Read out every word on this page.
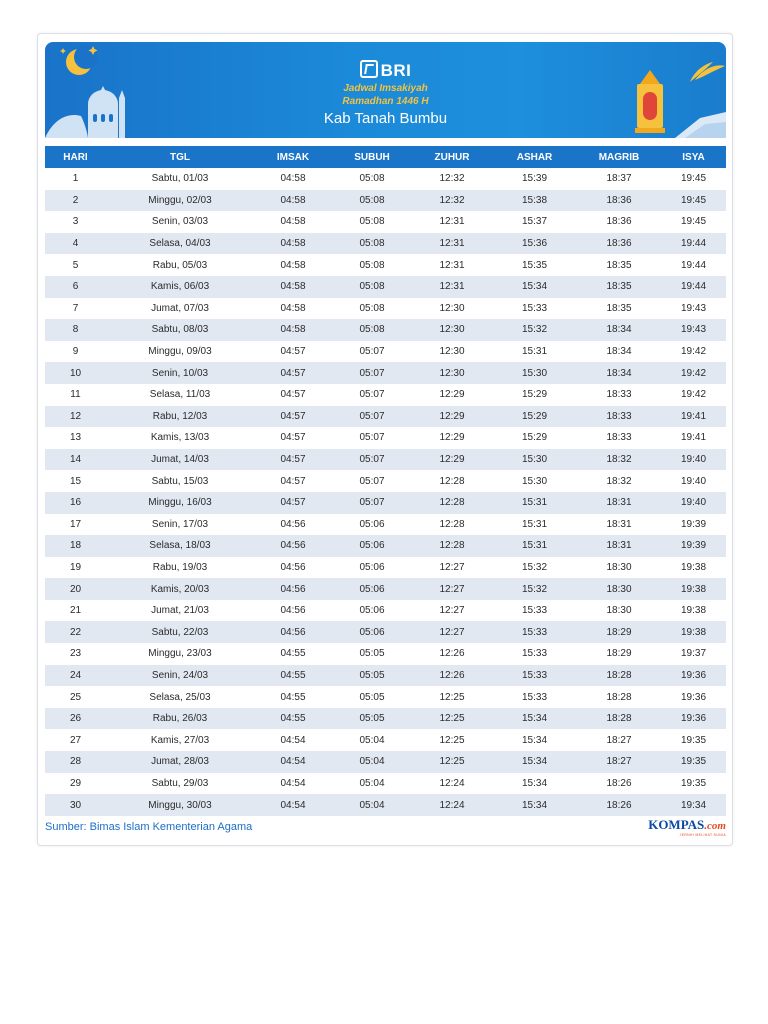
BRI
Jadwal Imsakiyah
Ramadhan 1446 H
Kab Tanah Bumbu
HARI	TGL	IMSAK	SUBUH	ZUHUR	ASHAR	MAGRIB	ISYA
1	Sabtu, 01/03	04:58	05:08	12:32	15:39	18:37	19:45
2	Minggu, 02/03	04:58	05:08	12:32	15:38	18:36	19:45
3	Senin, 03/03	04:58	05:08	12:31	15:37	18:36	19:45
4	Selasa, 04/03	04:58	05:08	12:31	15:36	18:36	19:44
5	Rabu, 05/03	04:58	05:08	12:31	15:35	18:35	19:44
6	Kamis, 06/03	04:58	05:08	12:31	15:34	18:35	19:44
7	Jumat, 07/03	04:58	05:08	12:30	15:33	18:35	19:43
8	Sabtu, 08/03	04:58	05:08	12:30	15:32	18:34	19:43
9	Minggu, 09/03	04:57	05:07	12:30	15:31	18:34	19:42
10	Senin, 10/03	04:57	05:07	12:30	15:30	18:34	19:42
11	Selasa, 11/03	04:57	05:07	12:29	15:29	18:33	19:42
12	Rabu, 12/03	04:57	05:07	12:29	15:29	18:33	19:41
13	Kamis, 13/03	04:57	05:07	12:29	15:29	18:33	19:41
14	Jumat, 14/03	04:57	05:07	12:29	15:30	18:32	19:40
15	Sabtu, 15/03	04:57	05:07	12:28	15:30	18:32	19:40
16	Minggu, 16/03	04:57	05:07	12:28	15:31	18:31	19:40
17	Senin, 17/03	04:56	05:06	12:28	15:31	18:31	19:39
18	Selasa, 18/03	04:56	05:06	12:28	15:31	18:31	19:39
19	Rabu, 19/03	04:56	05:06	12:27	15:32	18:30	19:38
20	Kamis, 20/03	04:56	05:06	12:27	15:32	18:30	19:38
21	Jumat, 21/03	04:56	05:06	12:27	15:33	18:30	19:38
22	Sabtu, 22/03	04:56	05:06	12:27	15:33	18:29	19:38
23	Minggu, 23/03	04:55	05:05	12:26	15:33	18:29	19:37
24	Senin, 24/03	04:55	05:05	12:26	15:33	18:28	19:36
25	Selasa, 25/03	04:55	05:05	12:25	15:33	18:28	19:36
26	Rabu, 26/03	04:55	05:05	12:25	15:34	18:28	19:36
27	Kamis, 27/03	04:54	05:04	12:25	15:34	18:27	19:35
28	Jumat, 28/03	04:54	05:04	12:25	15:34	18:27	19:35
29	Sabtu, 29/03	04:54	05:04	12:24	15:34	18:26	19:35
30	Minggu, 30/03	04:54	05:04	12:24	15:34	18:26	19:34
Sumber: Bimas Islam Kementerian Agama	KOMPAS.com
JERNIH MELIHAT DUNIA
